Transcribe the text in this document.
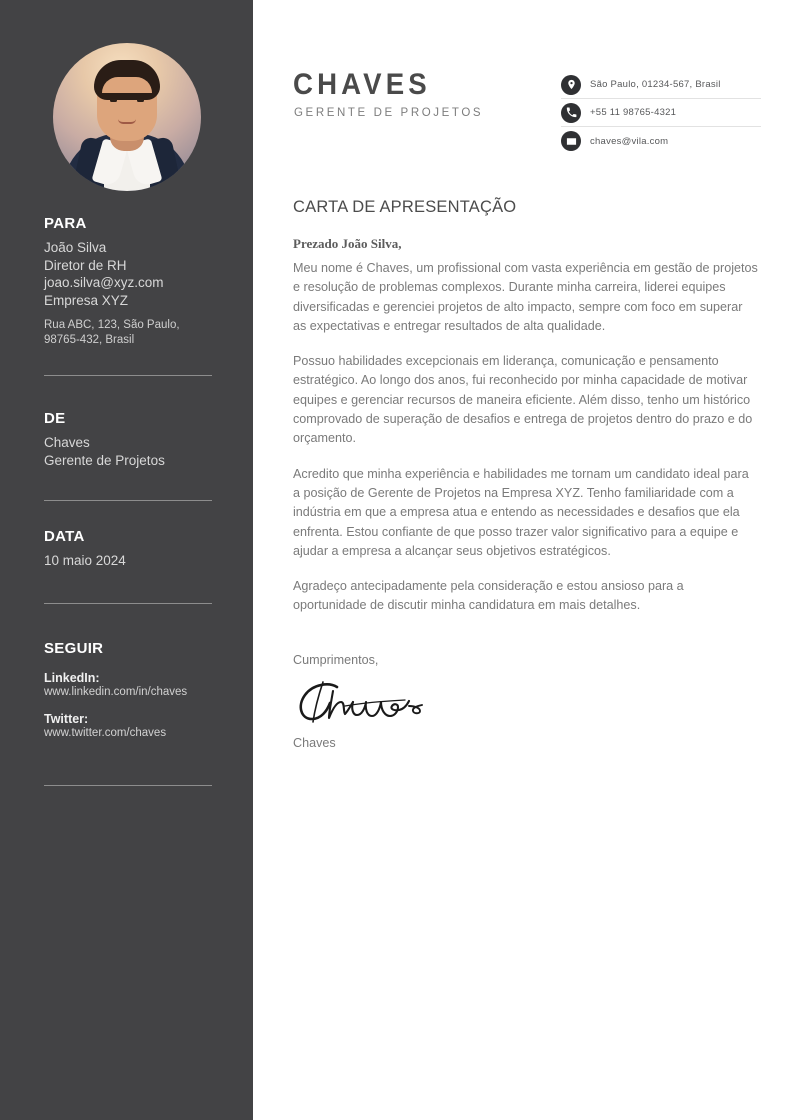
PARA
João Silva
Diretor de RH
joao.silva@xyz.com
Empresa XYZ
Rua ABC, 123, São Paulo,
98765-432, Brasil
DE
Chaves
Gerente de Projetos
DATA
10 maio 2024
SEGUIR
LinkedIn:
www.linkedin.com/in/chaves
Twitter:
www.twitter.com/chaves
CHAVES
GERENTE DE PROJETOS
São Paulo, 01234-567, Brasil
+55 11 98765-4321
chaves@vila.com
CARTA DE APRESENTAÇÃO
Prezado João Silva,

Meu nome é Chaves, um profissional com vasta experiência em gestão de projetos e resolução de problemas complexos. Durante minha carreira, liderei equipes diversificadas e gerenciei projetos de alto impacto, sempre com foco em superar as expectativas e entregar resultados de alta qualidade.

Possuo habilidades excepcionais em liderança, comunicação e pensamento estratégico. Ao longo dos anos, fui reconhecido por minha capacidade de motivar equipes e gerenciar recursos de maneira eficiente. Além disso, tenho um histórico comprovado de superação de desafios e entrega de projetos dentro do prazo e do orçamento.

Acredito que minha experiência e habilidades me tornam um candidato ideal para a posição de Gerente de Projetos na Empresa XYZ. Tenho familiaridade com a indústria em que a empresa atua e entendo as necessidades e desafios que ela enfrenta. Estou confiante de que posso trazer valor significativo para a equipe e ajudar a empresa a alcançar seus objetivos estratégicos.

Agradeço antecipadamente pela consideração e estou ansioso para a oportunidade de discutir minha candidatura em mais detalhes.

Cumprimentos,
Chaves
